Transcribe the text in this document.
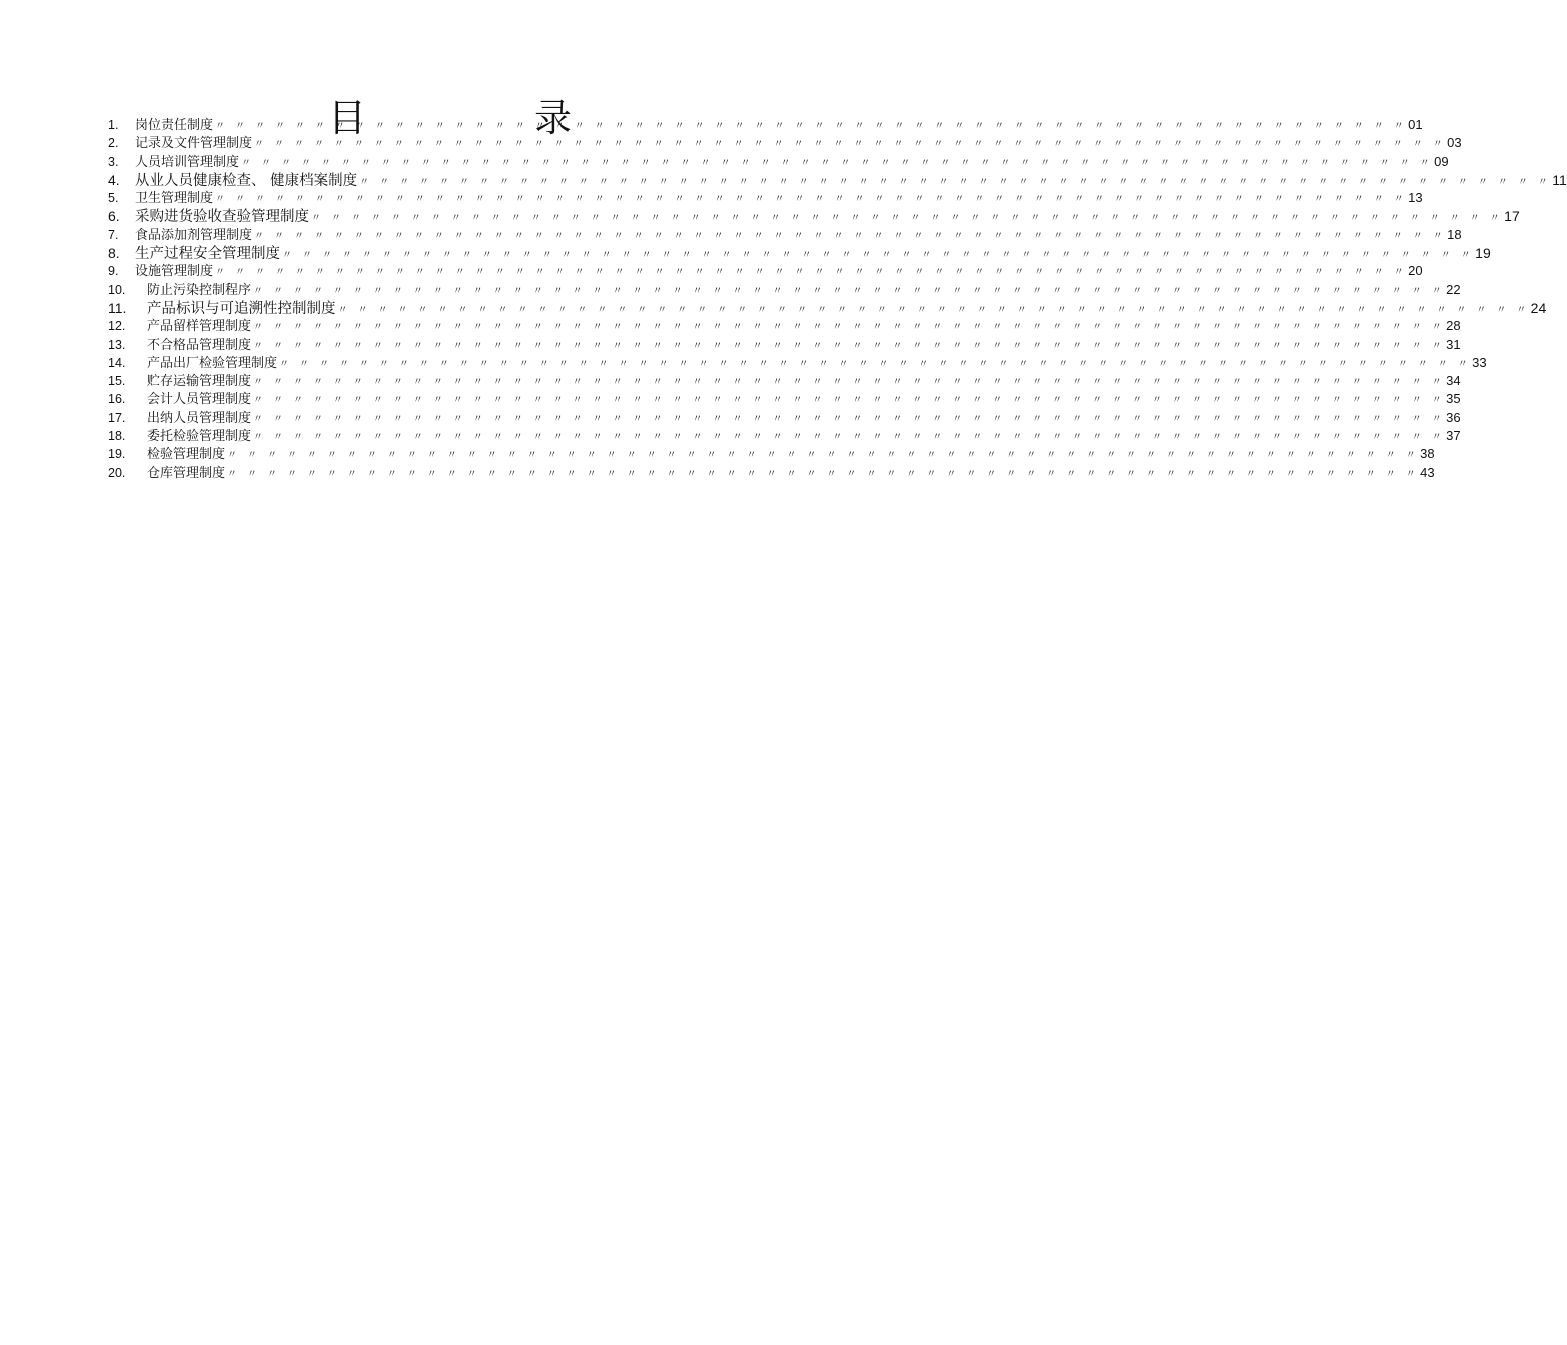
目 录
1.	岗位责任制度 〃 〃 〃 〃 〃 〃 〃 〃 〃 〃 〃 〃 〃 〃 〃 〃 〃 〃 〃 〃 〃 〃 〃 〃 〃 〃 〃 〃 〃 〃 〃 〃 〃 〃 〃 〃 〃 〃 〃 〃 〃 〃 〃 〃 〃 〃 〃 〃 〃 〃 〃 〃 〃 〃 〃 〃 〃 〃 〃 〃 01
2.	记录及文件管理制度 〃 〃 〃 〃 〃 〃 〃 〃 〃 〃 〃 〃 〃 〃 〃 〃 〃 〃 〃 〃 〃 〃 〃 〃 〃 〃 〃 〃 〃 〃 〃 〃 〃 〃 〃 〃 〃 〃 〃 〃 〃 〃 〃 〃 〃 〃 〃 〃 〃 〃 〃 〃 〃 〃 〃 〃 〃 〃 〃 〃 03
3.	人员培训管理制度 〃 〃 〃 〃 〃 〃 〃 〃 〃 〃 〃 〃 〃 〃 〃 〃 〃 〃 〃 〃 〃 〃 〃 〃 〃 〃 〃 〃 〃 〃 〃 〃 〃 〃 〃 〃 〃 〃 〃 〃 〃 〃 〃 〃 〃 〃 〃 〃 〃 〃 〃 〃 〃 〃 〃 〃 〃 〃 〃 〃 09
4.	从业人员健康检查、 健康档案制度 〃 〃 〃 〃 〃 〃 〃 〃 〃 〃 〃 〃 〃 〃 〃 〃 〃 〃 〃 〃 〃 〃 〃 〃 〃 〃 〃 〃 〃 〃 〃 〃 〃 〃 〃 〃 〃 〃 〃 〃 〃 〃 〃 〃 〃 〃 〃 〃 〃 〃 〃 〃 〃 〃 〃 〃 〃 〃 〃 〃 11
5.	卫生管理制度 〃 〃 〃 〃 〃 〃 〃 〃 〃 〃 〃 〃 〃 〃 〃 〃 〃 〃 〃 〃 〃 〃 〃 〃 〃 〃 〃 〃 〃 〃 〃 〃 〃 〃 〃 〃 〃 〃 〃 〃 〃 〃 〃 〃 〃 〃 〃 〃 〃 〃 〃 〃 〃 〃 〃 〃 〃 〃 〃 〃 13
6.	采购进货验收查验管理制度 〃 〃 〃 〃 〃 〃 〃 〃 〃 〃 〃 〃 〃 〃 〃 〃 〃 〃 〃 〃 〃 〃 〃 〃 〃 〃 〃 〃 〃 〃 〃 〃 〃 〃 〃 〃 〃 〃 〃 〃 〃 〃 〃 〃 〃 〃 〃 〃 〃 〃 〃 〃 〃 〃 〃 〃 〃 〃 〃 〃 17
7.	食品添加剂管理制度 〃 〃 〃 〃 〃 〃 〃 〃 〃 〃 〃 〃 〃 〃 〃 〃 〃 〃 〃 〃 〃 〃 〃 〃 〃 〃 〃 〃 〃 〃 〃 〃 〃 〃 〃 〃 〃 〃 〃 〃 〃 〃 〃 〃 〃 〃 〃 〃 〃 〃 〃 〃 〃 〃 〃 〃 〃 〃 〃 〃 18
8.	生产过程安全管理制度 〃 〃 〃 〃 〃 〃 〃 〃 〃 〃 〃 〃 〃 〃 〃 〃 〃 〃 〃 〃 〃 〃 〃 〃 〃 〃 〃 〃 〃 〃 〃 〃 〃 〃 〃 〃 〃 〃 〃 〃 〃 〃 〃 〃 〃 〃 〃 〃 〃 〃 〃 〃 〃 〃 〃 〃 〃 〃 〃 〃 19
9.	设施管理制度 〃 〃 〃 〃 〃 〃 〃 〃 〃 〃 〃 〃 〃 〃 〃 〃 〃 〃 〃 〃 〃 〃 〃 〃 〃 〃 〃 〃 〃 〃 〃 〃 〃 〃 〃 〃 〃 〃 〃 〃 〃 〃 〃 〃 〃 〃 〃 〃 〃 〃 〃 〃 〃 〃 〃 〃 〃 〃 〃 〃 20
10.	防止污染控制程序 〃 〃 〃 〃 〃 〃 〃 〃 〃 〃 〃 〃 〃 〃 〃 〃 〃 〃 〃 〃 〃 〃 〃 〃 〃 〃 〃 〃 〃 〃 〃 〃 〃 〃 〃 〃 〃 〃 〃 〃 〃 〃 〃 〃 〃 〃 〃 〃 〃 〃 〃 〃 〃 〃 〃 〃 〃 〃 〃 〃 22
11.	产品标识与可追溯性控制制度 〃 〃 〃 〃 〃 〃 〃 〃 〃 〃 〃 〃 〃 〃 〃 〃 〃 〃 〃 〃 〃 〃 〃 〃 〃 〃 〃 〃 〃 〃 〃 〃 〃 〃 〃 〃 〃 〃 〃 〃 〃 〃 〃 〃 〃 〃 〃 〃 〃 〃 〃 〃 〃 〃 〃 〃 〃 〃 〃 〃 24
12.	产品留样管理制度 〃 〃 〃 〃 〃 〃 〃 〃 〃 〃 〃 〃 〃 〃 〃 〃 〃 〃 〃 〃 〃 〃 〃 〃 〃 〃 〃 〃 〃 〃 〃 〃 〃 〃 〃 〃 〃 〃 〃 〃 〃 〃 〃 〃 〃 〃 〃 〃 〃 〃 〃 〃 〃 〃 〃 〃 〃 〃 〃 〃 28
13.	不合格品管理制度 〃 〃 〃 〃 〃 〃 〃 〃 〃 〃 〃 〃 〃 〃 〃 〃 〃 〃 〃 〃 〃 〃 〃 〃 〃 〃 〃 〃 〃 〃 〃 〃 〃 〃 〃 〃 〃 〃 〃 〃 〃 〃 〃 〃 〃 〃 〃 〃 〃 〃 〃 〃 〃 〃 〃 〃 〃 〃 〃 〃 31
14.	产品出厂检验管理制度 〃 〃 〃 〃 〃 〃 〃 〃 〃 〃 〃 〃 〃 〃 〃 〃 〃 〃 〃 〃 〃 〃 〃 〃 〃 〃 〃 〃 〃 〃 〃 〃 〃 〃 〃 〃 〃 〃 〃 〃 〃 〃 〃 〃 〃 〃 〃 〃 〃 〃 〃 〃 〃 〃 〃 〃 〃 〃 〃 〃 33
15.	贮存运输管理制度 〃 〃 〃 〃 〃 〃 〃 〃 〃 〃 〃 〃 〃 〃 〃 〃 〃 〃 〃 〃 〃 〃 〃 〃 〃 〃 〃 〃 〃 〃 〃 〃 〃 〃 〃 〃 〃 〃 〃 〃 〃 〃 〃 〃 〃 〃 〃 〃 〃 〃 〃 〃 〃 〃 〃 〃 〃 〃 〃 〃 34
16.	会计人员管理制度 〃 〃 〃 〃 〃 〃 〃 〃 〃 〃 〃 〃 〃 〃 〃 〃 〃 〃 〃 〃 〃 〃 〃 〃 〃 〃 〃 〃 〃 〃 〃 〃 〃 〃 〃 〃 〃 〃 〃 〃 〃 〃 〃 〃 〃 〃 〃 〃 〃 〃 〃 〃 〃 〃 〃 〃 〃 〃 〃 〃 35
17.	出纳人员管理制度 〃 〃 〃 〃 〃 〃 〃 〃 〃 〃 〃 〃 〃 〃 〃 〃 〃 〃 〃 〃 〃 〃 〃 〃 〃 〃 〃 〃 〃 〃 〃 〃 〃 〃 〃 〃 〃 〃 〃 〃 〃 〃 〃 〃 〃 〃 〃 〃 〃 〃 〃 〃 〃 〃 〃 〃 〃 〃 〃 〃 36
18.	委托检验管理制度 〃 〃 〃 〃 〃 〃 〃 〃 〃 〃 〃 〃 〃 〃 〃 〃 〃 〃 〃 〃 〃 〃 〃 〃 〃 〃 〃 〃 〃 〃 〃 〃 〃 〃 〃 〃 〃 〃 〃 〃 〃 〃 〃 〃 〃 〃 〃 〃 〃 〃 〃 〃 〃 〃 〃 〃 〃 〃 〃 〃 37
19.	检验管理制度 〃 〃 〃 〃 〃 〃 〃 〃 〃 〃 〃 〃 〃 〃 〃 〃 〃 〃 〃 〃 〃 〃 〃 〃 〃 〃 〃 〃 〃 〃 〃 〃 〃 〃 〃 〃 〃 〃 〃 〃 〃 〃 〃 〃 〃 〃 〃 〃 〃 〃 〃 〃 〃 〃 〃 〃 〃 〃 〃 〃 38
20.	仓库管理制度 〃 〃 〃 〃 〃 〃 〃 〃 〃 〃 〃 〃 〃 〃 〃 〃 〃 〃 〃 〃 〃 〃 〃 〃 〃 〃 〃 〃 〃 〃 〃 〃 〃 〃 〃 〃 〃 〃 〃 〃 〃 〃 〃 〃 〃 〃 〃 〃 〃 〃 〃 〃 〃 〃 〃 〃 〃 〃 〃 〃 43
